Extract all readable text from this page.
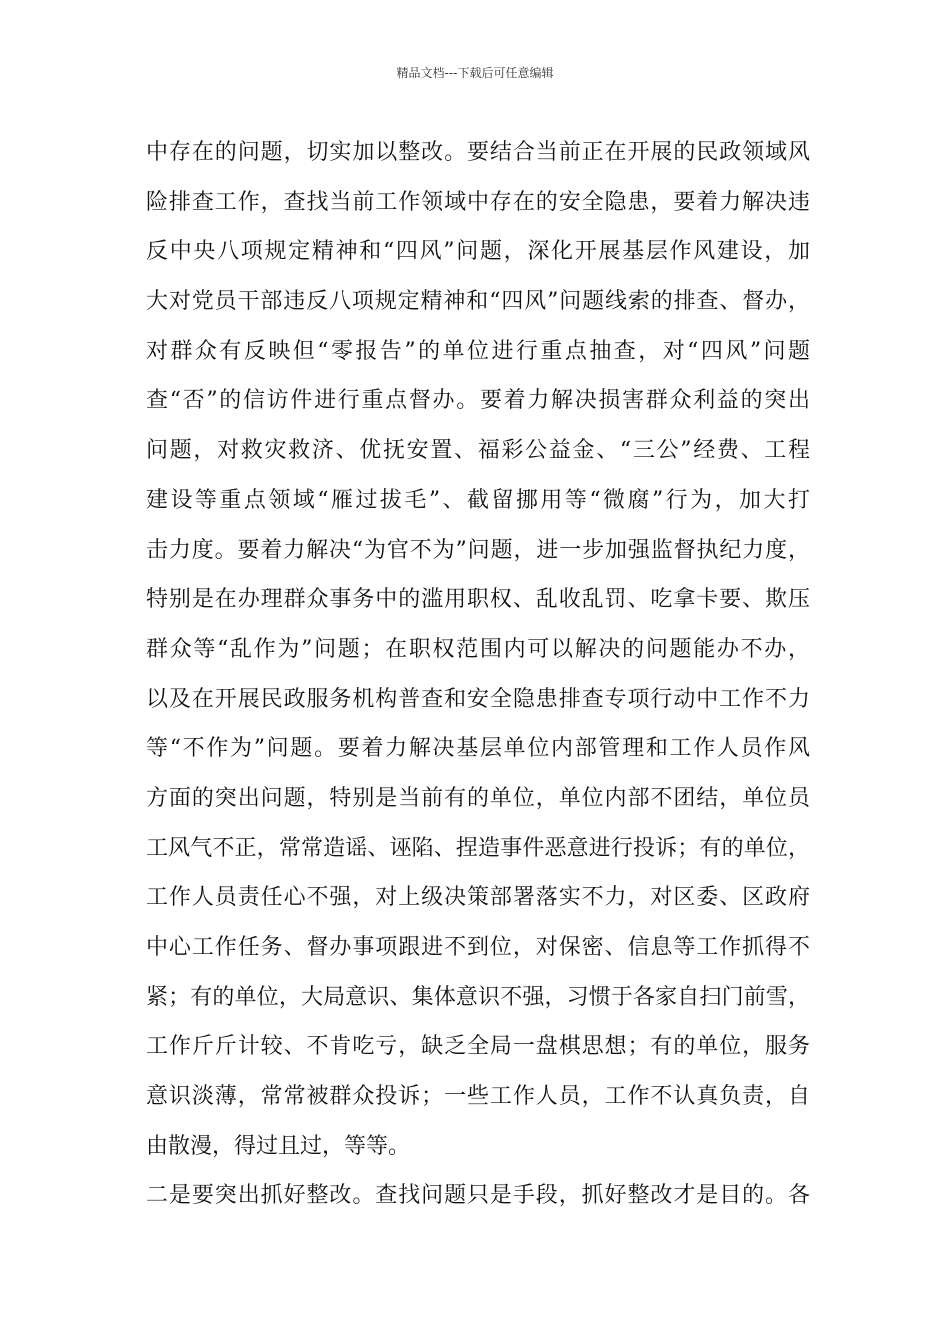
精品文档---下载后可任意编辑
中存在的问题，切实加以整改。要结合当前正在开展的民政领域风
险排查工作，查找当前工作领域中存在的安全隐患，要着力解决违
反中央八项规定精神和“四风”问题，深化开展基层作风建设，加
大对党员干部违反八项规定精神和“四风”问题线索的排查、督办，
对群众有反映但“零报告”的单位进行重点抽查，对“四风”问题
查“否”的信访件进行重点督办。要着力解决损害群众利益的突出
问题，对救灾救济、优抚安置、福彩公益金、“三公”经费、工程
建设等重点领域“雁过拔毛”、截留挪用等“微腐”行为，加大打
击力度。要着力解决“为官不为”问题，进一步加强监督执纪力度，
特别是在办理群众事务中的滥用职权、乱收乱罚、吃拿卡要、欺压
群众等“乱作为”问题；在职权范围内可以解决的问题能办不办，
以及在开展民政服务机构普查和安全隐患排查专项行动中工作不力
等“不作为”问题。要着力解决基层单位内部管理和工作人员作风
方面的突出问题，特别是当前有的单位，单位内部不团结，单位员
工风气不正，常常造谣、诬陷、捏造事件恶意进行投诉；有的单位，
工作人员责任心不强，对上级决策部署落实不力，对区委、区政府
中心工作任务、督办事项跟进不到位，对保密、信息等工作抓得不
紧；有的单位，大局意识、集体意识不强，习惯于各家自扫门前雪，
工作斤斤计较、不肯吃亏，缺乏全局一盘棋思想；有的单位，服务
意识淡薄，常常被群众投诉；一些工作人员，工作不认真负责，自
由散漫，得过且过，等等。
二是要突出抓好整改。查找问题只是手段，抓好整改才是目的。各
